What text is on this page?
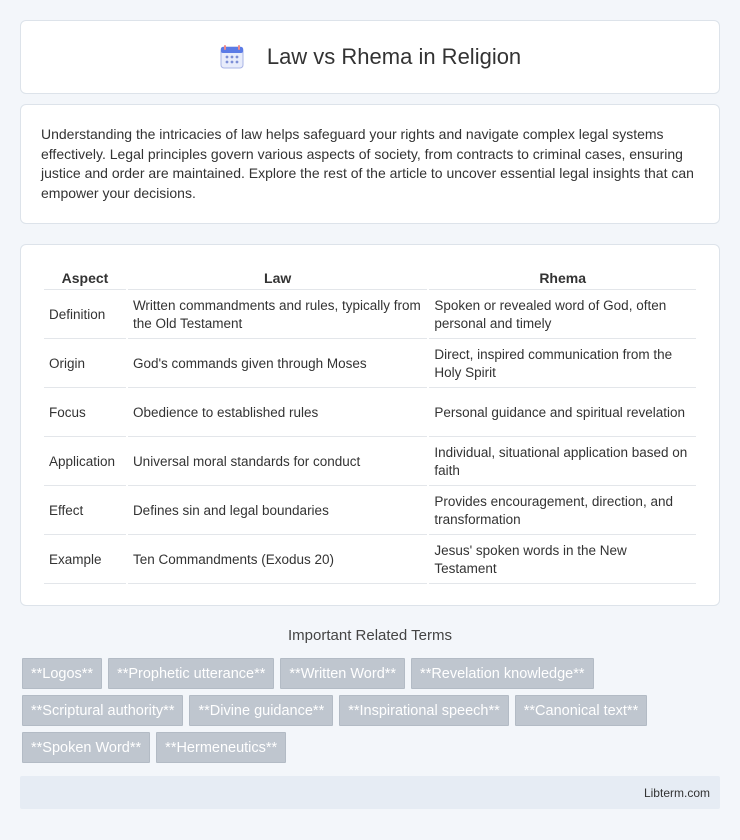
Law vs Rhema in Religion

Understanding the intricacies of law helps safeguard your rights and navigate complex legal systems effectively. Legal principles govern various aspects of society, from contracts to criminal cases, ensuring justice and order are maintained. Explore the rest of the article to uncover essential legal insights that can empower your decisions.

Aspect	Law	Rhema
Definition	Written commandments and rules, typically from the Old Testament	Spoken or revealed word of God, often personal and timely
Origin	God's commands given through Moses	Direct, inspired communication from the Holy Spirit
Focus	Obedience to established rules	Personal guidance and spiritual revelation
Application	Universal moral standards for conduct	Individual, situational application based on faith
Effect	Defines sin and legal boundaries	Provides encouragement, direction, and transformation
Example	Ten Commandments (Exodus 20)	Jesus' spoken words in the New Testament
Important Related Terms
**Logos**	**Prophetic utterance**	**Written Word**	**Revelation knowledge**
**Scriptural authority**	**Divine guidance**	**Inspirational speech**	**Canonical text**
**Spoken Word**	**Hermeneutics**
Libterm.com
